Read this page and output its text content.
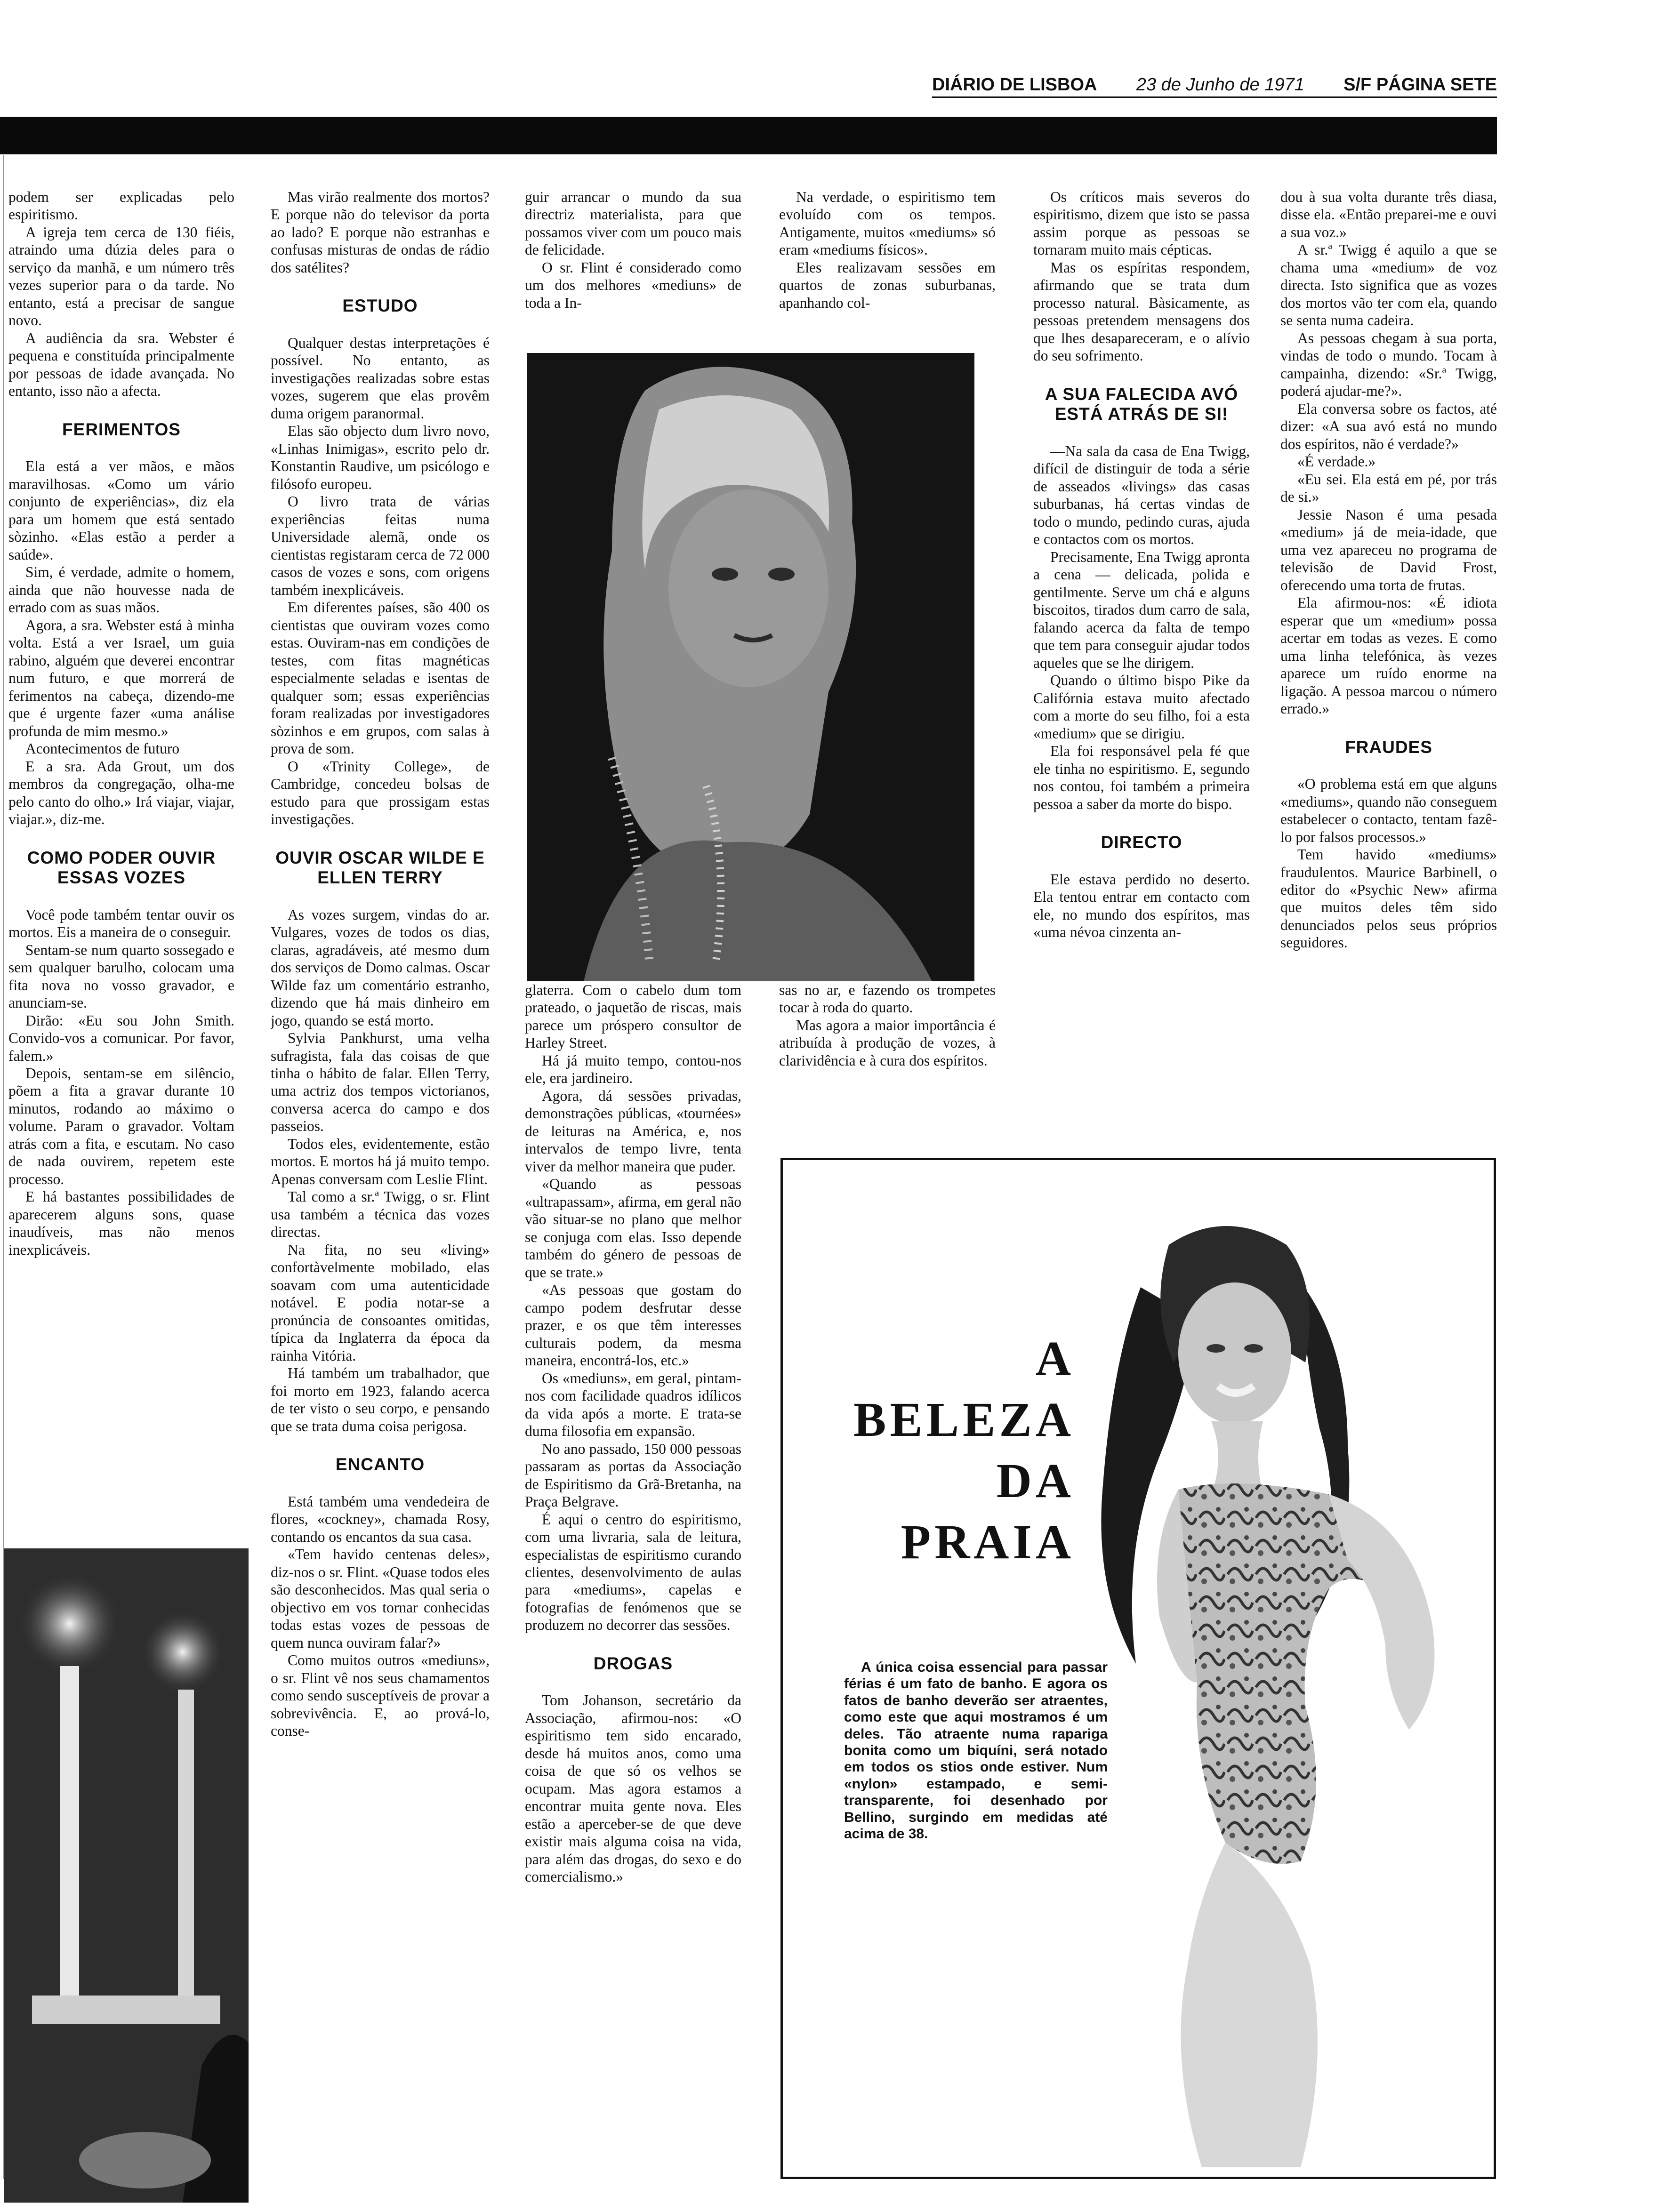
DIÁRIO DE LISBOA 23 de Junho de 1971 S/F PÁGINA SETE

podem ser explicadas pelo espiritismo.

A igreja tem cerca de 130 fiéis, atraindo uma dúzia deles para o serviço da manhã, e um número três vezes superior para o da tarde. No entanto, está a precisar de sangue novo.

A audiência da sra. Webster é pequena e constituída principalmente por pessoas de idade avançada. No entanto, isso não a afecta.

FERIMENTOS

Ela está a ver mãos, e mãos maravilhosas. «Como um vário conjunto de experiências», diz ela para um homem que está sentado sòzinho. «Elas estão a perder a saúde».

Sim, é verdade, admite o homem, ainda que não houvesse nada de errado com as suas mãos.

Agora, a sra. Webster está à minha volta. Está a ver Israel, um guia rabino, alguém que deverei encontrar num futuro, e que morrerá de ferimentos na cabeça, dizendo-me que é urgente fazer «uma análise profunda de mim mesmo.»

Acontecimentos de futuro

E a sra. Ada Grout, um dos membros da congregação, olha-me pelo canto do olho.» Irá viajar, viajar, viajar.», diz-me.

COMO PODER OUVIR ESSAS VOZES

Você pode também tentar ouvir os mortos. Eis a maneira de o conseguir.

Sentam-se num quarto sossegado e sem qualquer barulho, colocam uma fita nova no vosso gravador, e anunciam-se.

Dirão: «Eu sou John Smith. Convido-vos a comunicar. Por favor, falem.»

Depois, sentam-se em silêncio, põem a fita a gravar durante 10 minutos, rodando ao máximo o volume. Param o gravador. Voltam atrás com a fita, e escutam. No caso de nada ouvirem, repetem este processo.

E há bastantes possibilidades de aparecerem alguns sons, quase inaudíveis, mas não menos inexplicáveis.

Mas virão realmente dos mortos? E porque não do televisor da porta ao lado? E porque não estranhas e confusas misturas de ondas de rádio dos satélites?

ESTUDO

Qualquer destas interpretações é possível. No entanto, as investigações realizadas sobre estas vozes, sugerem que elas provêm duma origem paranormal.

Elas são objecto dum livro novo, «Linhas Inimigas», escrito pelo dr. Konstantin Raudive, um psicólogo e filósofo europeu.

O livro trata de várias experiências feitas numa Universidade alemã, onde os cientistas registaram cerca de 72 000 casos de vozes e sons, com origens também inexplicáveis.

Em diferentes países, são 400 os cientistas que ouviram vozes como estas. Ouviram-nas em condições de testes, com fitas magnéticas especialmente seladas e isentas de qualquer som; essas experiências foram realizadas por investigadores sòzinhos e em grupos, com salas à prova de som.

O «Trinity College», de Cambridge, concedeu bolsas de estudo para que prossigam estas investigações.

OUVIR OSCAR WILDE E ELLEN TERRY

As vozes surgem, vindas do ar. Vulgares, vozes de todos os dias, claras, agradáveis, até mesmo dum dos serviços de Domo calmas. Oscar Wilde faz um comentário estranho, dizendo que há mais dinheiro em jogo, quando se está morto.

Sylvia Pankhurst, uma velha sufragista, fala das coisas de que tinha o hábito de falar. Ellen Terry, uma actriz dos tempos victorianos, conversa acerca do campo e dos passeios.

Todos eles, evidentemente, estão mortos. E mortos há já muito tempo. Apenas conversam com Leslie Flint.

Tal como a sr.ª Twigg, o sr. Flint usa também a técnica das vozes directas.

Na fita, no seu «living» confortàvelmente mobilado, elas soavam com uma autenticidade notável. E podia notar-se a pronúncia de consoantes omitidas, típica da Inglaterra da época da rainha Vitória.

Há também um trabalhador, que foi morto em 1923, falando acerca de ter visto o seu corpo, e pensando que se trata duma coisa perigosa.

ENCANTO

Está também uma vendedeira de flores, «cockney», chamada Rosy, contando os encantos da sua casa.

«Tem havido centenas deles», diz-nos o sr. Flint. «Quase todos eles são desconhecidos. Mas qual seria o objectivo em vos tornar conhecidas todas estas vozes de pessoas de quem nunca ouviram falar?»

Como muitos outros «mediuns», o sr. Flint vê nos seus chamamentos como sendo susceptíveis de provar a sobrevivência. E, ao prová-lo, conse-

guir arrancar o mundo da sua directriz materialista, para que possamos viver com um pouco mais de felicidade.

O sr. Flint é considerado como um dos melhores «mediuns» de toda a In-

Na verdade, o espiritismo tem evoluído com os tempos. Antigamente, muitos «mediums» só eram «mediums físicos».

Eles realizavam sessões em quartos de zonas suburbanas, apanhando col-

glaterra. Com o cabelo dum tom prateado, o jaquetão de riscas, mais parece um próspero consultor de Harley Street.

Há já muito tempo, contou-nos ele, era jardineiro.

Agora, dá sessões privadas, demonstrações públicas, «tournées» de leituras na América, e, nos intervalos de tempo livre, tenta viver da melhor maneira que puder.

«Quando as pessoas «ultrapassam», afirma, em geral não vão situar-se no plano que melhor se conjuga com elas. Isso depende também do género de pessoas de que se trate.»

«As pessoas que gostam do campo podem desfrutar desse prazer, e os que têm interesses culturais podem, da mesma maneira, encontrá-los, etc.»

Os «mediuns», em geral, pintam-nos com facilidade quadros idílicos da vida após a morte. E trata-se duma filosofia em expansão.

No ano passado, 150 000 pessoas passaram as portas da Associação de Espiritismo da Grã-Bretanha, na Praça Belgrave.

É aqui o centro do espiritismo, com uma livraria, sala de leitura, especialistas de espiritismo curando clientes, desenvolvimento de aulas para «mediums», capelas e fotografias de fenómenos que se produzem no decorrer das sessões.

DROGAS

Tom Johanson, secretário da Associação, afirmou-nos: «O espiritismo tem sido encarado, desde há muitos anos, como uma coisa de que só os velhos se ocupam. Mas agora estamos a encontrar muita gente nova. Eles estão a aperceber-se de que deve existir mais alguma coisa na vida, para além das drogas, do sexo e do comercialismo.»

sas no ar, e fazendo os trompetes tocar à roda do quarto.

Mas agora a maior importância é atribuída à produção de vozes, à clarividência e à cura dos espíritos.

Os críticos mais severos do espiritismo, dizem que isto se passa assim porque as pessoas se tornaram muito mais cépticas.

Mas os espíritas respondem, afirmando que se trata dum processo natural. Bàsicamente, as pessoas pretendem mensagens dos que lhes desapareceram, e o alívio do seu sofrimento.

A SUA FALECIDA AVÓ ESTÁ ATRÁS DE SI!

—Na sala da casa de Ena Twigg, difícil de distinguir de toda a série de asseados «livings» das casas suburbanas, há certas vindas de todo o mundo, pedindo curas, ajuda e contactos com os mortos.

Precisamente, Ena Twigg apronta a cena — delicada, polida e gentilmente. Serve um chá e alguns biscoitos, tirados dum carro de sala, falando acerca da falta de tempo que tem para conseguir ajudar todos aqueles que se lhe dirigem.

Quando o último bispo Pike da Califórnia estava muito afectado com a morte do seu filho, foi a esta «medium» que se dirigiu.

Ela foi responsável pela fé que ele tinha no espiritismo. E, segundo nos contou, foi também a primeira pessoa a saber da morte do bispo.

DIRECTO

Ele estava perdido no deserto. Ela tentou entrar em contacto com ele, no mundo dos espíritos, mas «uma névoa cinzenta an-

dou à sua volta durante três diasa, disse ela. «Então preparei-me e ouvi a sua voz.»

A sr.ª Twigg é aquilo a que se chama uma «medium» de voz directa. Isto significa que as vozes dos mortos vão ter com ela, quando se senta numa cadeira.

As pessoas chegam à sua porta, vindas de todo o mundo. Tocam à campainha, dizendo: «Sr.ª Twigg, poderá ajudar-me?».

Ela conversa sobre os factos, até dizer: «A sua avó está no mundo dos espíritos, não é verdade?»

«É verdade.»

«Eu sei. Ela está em pé, por trás de si.»

Jessie Nason é uma pesada «medium» já de meia-idade, que uma vez apareceu no programa de televisão de David Frost, oferecendo uma torta de frutas.

Ela afirmou-nos: «É idiota esperar que um «medium» possa acertar em todas as vezes. E como uma linha telefónica, às vezes aparece um ruído enorme na ligação. A pessoa marcou o número errado.»

FRAUDES

«O problema está em que alguns «mediums», quando não conseguem estabelecer o contacto, tentam fazê-lo por falsos processos.»

Tem havido «mediums» fraudulentos. Maurice Barbinell, o editor do «Psychic New» afirma que muitos deles têm sido denunciados pelos seus próprios seguidores.

A
BELEZA
DA
PRAIA

A única coisa essencial para passar férias é um fato de banho. E agora os fatos de banho deverão ser atraentes, como este que aqui mostramos é um deles. Tão atraente numa rapariga bonita como um biquíni, será notado em todos os stios onde estiver. Num «nylon» estampado, e semi-transparente, foi desenhado por Bellino, surgindo em medidas até acima de 38.
